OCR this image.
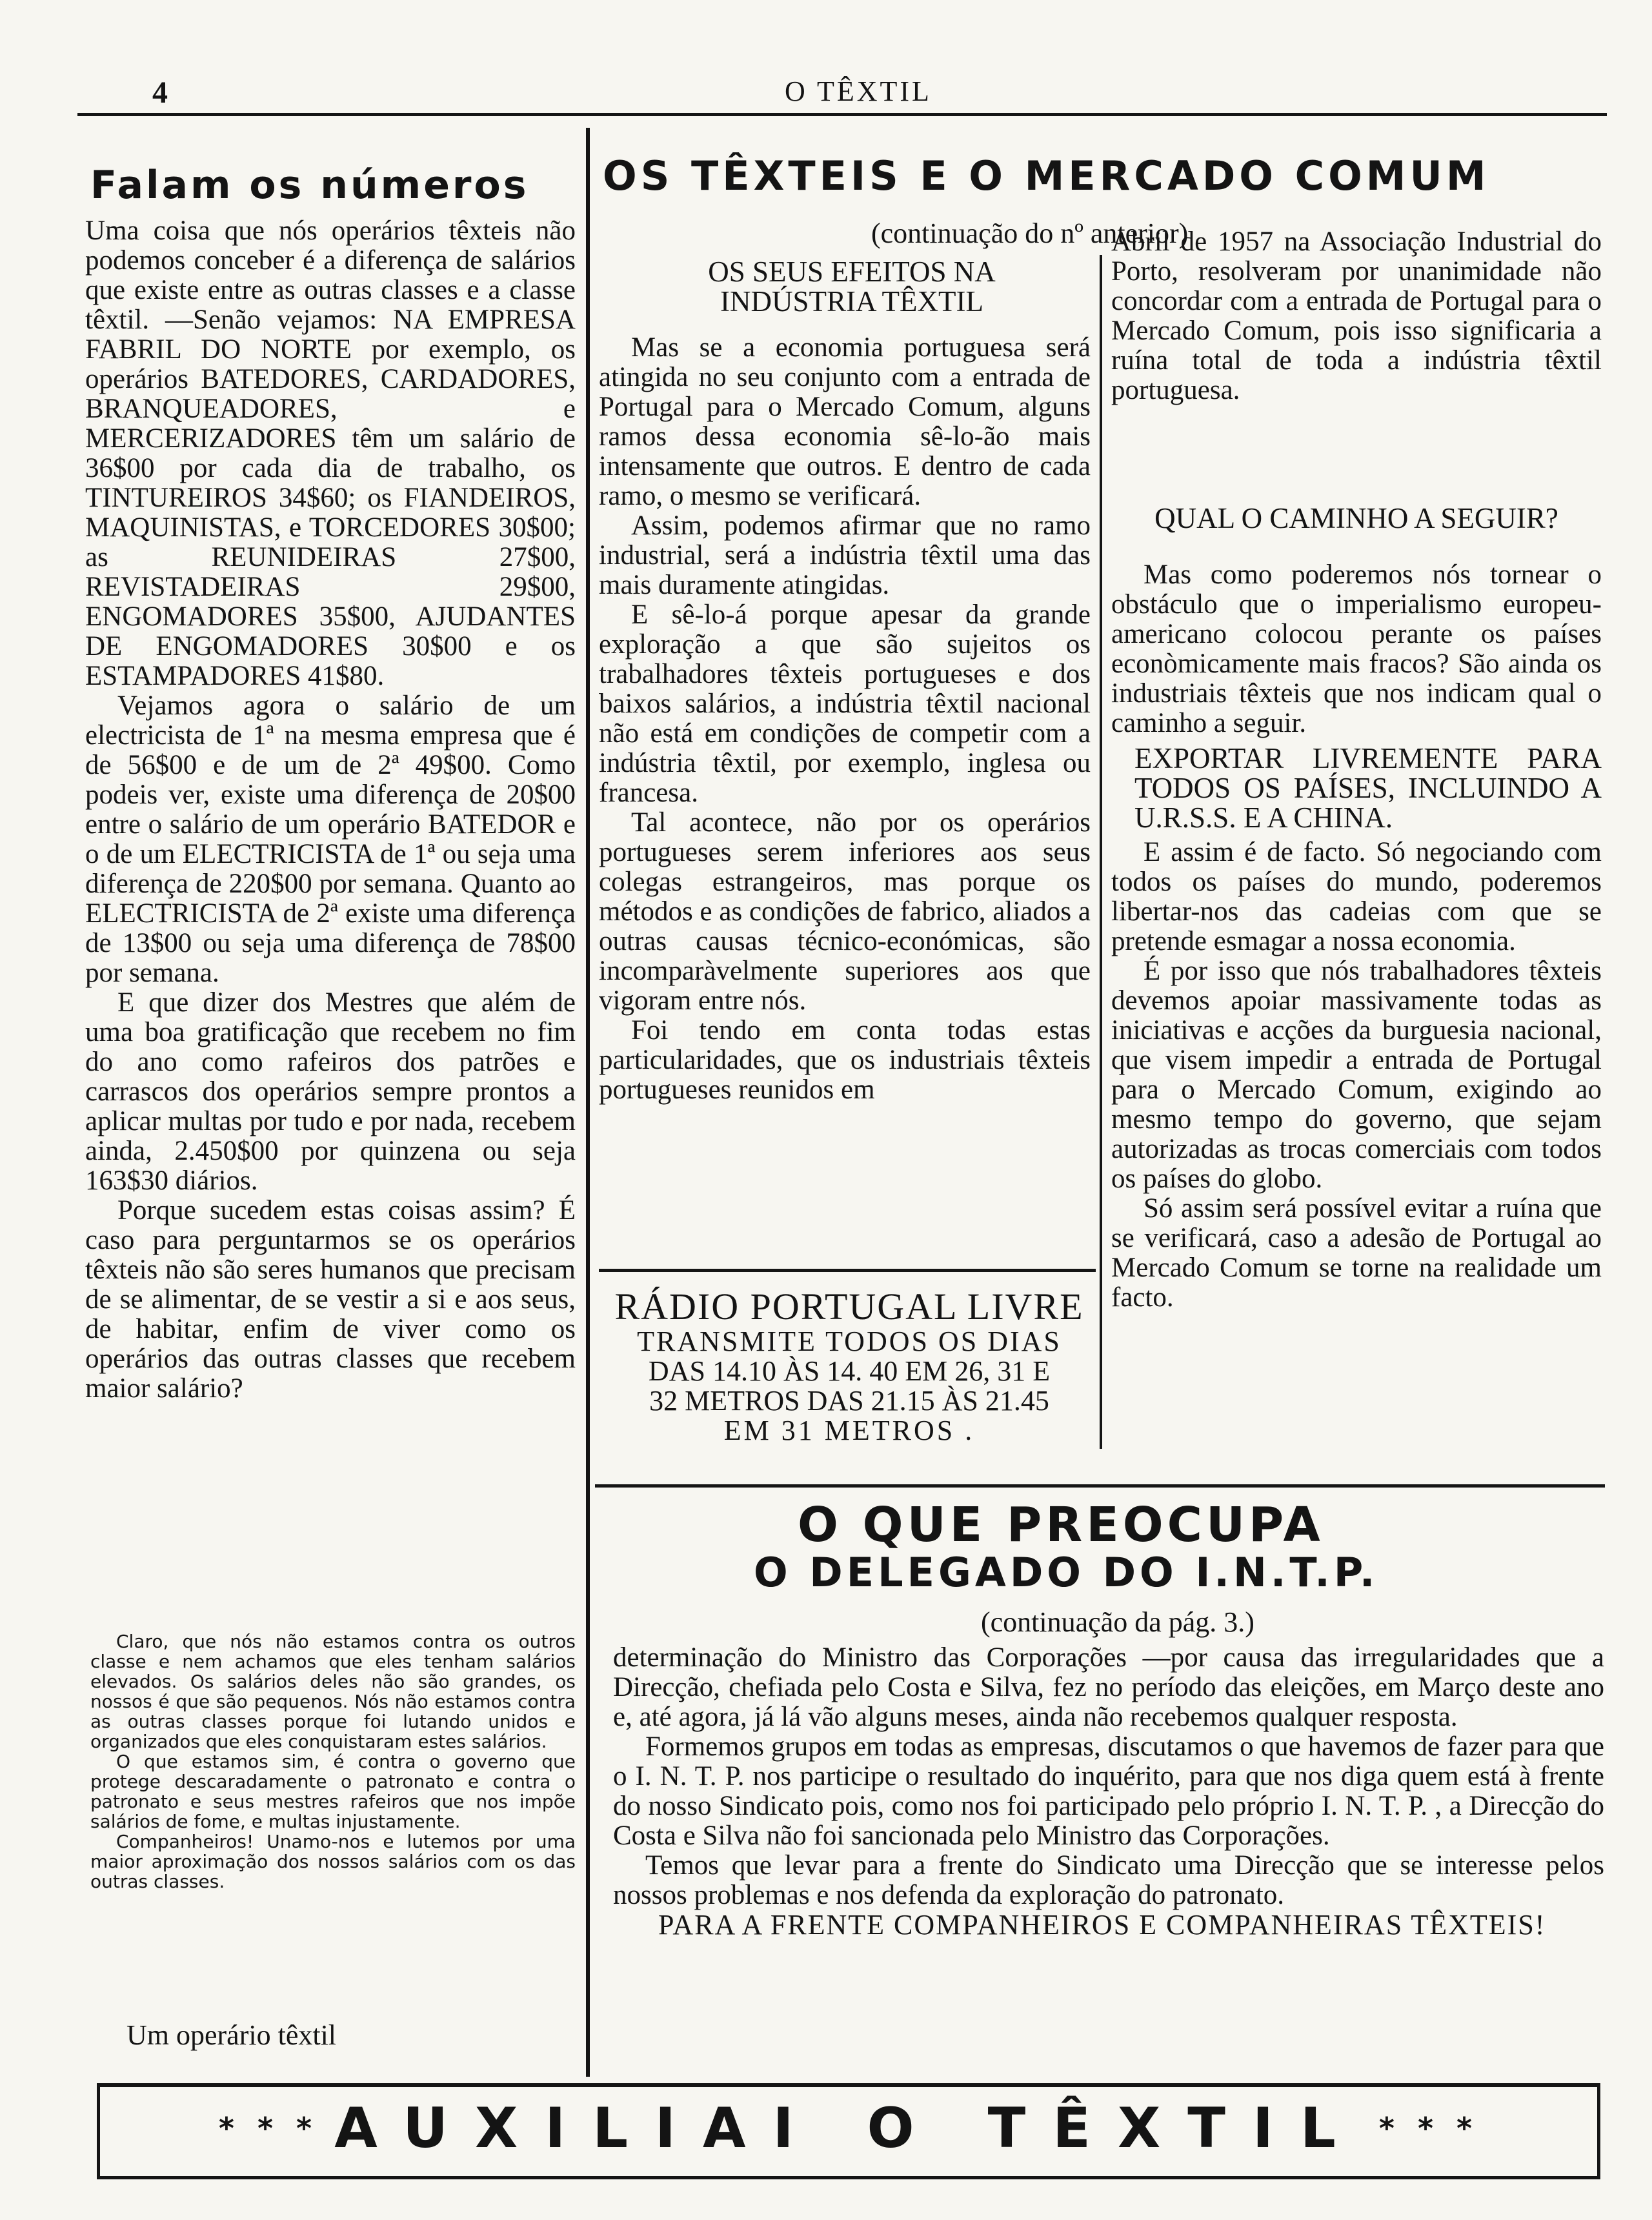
4	O TÊXTIL
Falam os números

Uma coisa que nós operários têxteis não podemos conceber é a diferença de salários que existe entre as outras classes e a classe têxtil. —Senão vejamos: NA EMPRESA FABRIL DO NORTE por exemplo, os operários BATEDORES, CARDADORES, BRANQUEADORES, e MERCERIZADORES têm um salário de 36$00 por cada dia de trabalho, os TINTUREIROS 34$60; os FIANDEIROS, MAQUINISTAS, e TORCEDORES 30$00; as REUNIDEIRAS 27$00, REVISTADEIRAS 29$00, ENGOMADORES 35$00, AJUDANTES DE ENGOMADORES 30$00 e os ESTAMPADORES 41$80.

Vejamos agora o salário de um electricista de 1ª na mesma empresa que é de 56$00 e de um de 2ª 49$00. Como podeis ver, existe uma diferença de 20$00 entre o salário de um operário BATEDOR e o de um ELECTRICISTA de 1ª ou seja uma diferença de 220$00 por semana. Quanto ao ELECTRICISTA de 2ª existe uma diferença de 13$00 ou seja uma diferença de 78$00 por semana.

E que dizer dos Mestres que além de uma boa gratificação que recebem no fim do ano como rafeiros dos patrões e carrascos dos operários sempre prontos a aplicar multas por tudo e por nada, recebem ainda, 2.450$00 por quinzena ou seja 163$30 diários.

Porque sucedem estas coisas assim? É caso para perguntarmos se os operários têxteis não são seres humanos que precisam de se alimentar, de se vestir a si e aos seus, de habitar, enfim de viver como os operários das outras classes que recebem maior salário?

Claro, que nós não estamos contra os outros classe e nem achamos que eles tenham salários elevados. Os salários deles não são grandes, os nossos é que são pequenos. Nós não estamos contra as outras classes porque foi lutando unidos e organizados que eles conquistaram estes salários.

O que estamos sim, é contra o governo que protege descaradamente o patronato e contra o patronato e seus mestres rafeiros que nos impõe salários de fome, e multas injustamente.

Companheiros! Unamo-nos e lutemos por uma maior aproximação dos nossos salários com os das outras classes.

Um operário têxtil
OS TÊXTEIS E O MERCADO COMUM
(continuação do nº anterior)
OS SEUS EFEITOS NA INDÚSTRIA TÊXTIL

Mas se a economia portuguesa será atingida no seu conjunto com a entrada de Portugal para o Mercado Comum, alguns ramos dessa economia sê-lo-ão mais intensamente que outros. E dentro de cada ramo, o mesmo se verificará.

Assim, podemos afirmar que no ramo industrial, será a indústria têxtil uma das mais duramente atingidas.

E sê-lo-á porque apesar da grande exploração a que são sujeitos os trabalhadores têxteis portugueses e dos baixos salários, a indústria têxtil nacional não está em condições de competir com a indústria têxtil, por exemplo, inglesa ou francesa.

Tal acontece, não por os operários portugueses serem inferiores aos seus colegas estrangeiros, mas porque os métodos e as condições de fabrico, aliados a outras causas técnico-económicas, são incomparàvelmente superiores aos que vigoram entre nós.

Foi tendo em conta todas estas particularidades, que os industriais têxteis portugueses reunidos em

Abril de 1957 na Associação Industrial do Porto, resolveram por unanimidade não concordar com a entrada de Portugal para o Mercado Comum, pois isso significaria a ruína total de toda a indústria têxtil portuguesa.

QUAL O CAMINHO A SEGUIR?

Mas como poderemos nós tornear o obstáculo que o imperialismo europeu-americano colocou perante os países econòmicamente mais fracos? São ainda os industriais têxteis que nos indicam qual o caminho a seguir.

EXPORTAR LIVREMENTE PARA TODOS OS PAÍSES, INCLUINDO A U.R.S.S. E A CHINA.

E assim é de facto. Só negociando com todos os países do mundo, poderemos libertar-nos das cadeias com que se pretende esmagar a nossa economia.

É por isso que nós trabalhadores têxteis devemos apoiar massivamente todas as iniciativas e acções da burguesia nacional, que visem impedir a entrada de Portugal para o Mercado Comum, exigindo ao mesmo tempo do governo, que sejam autorizadas as trocas comerciais com todos os países do globo.

Só assim será possível evitar a ruína que se verificará, caso a adesão de Portugal ao Mercado Comum se torne na realidade um facto.

RÁDIO PORTUGAL LIVRE
TRANSMITE TODOS OS DIAS
DAS 14.10 ÀS 14. 40 EM 26, 31 E
32 METROS DAS 21.15 ÀS 21.45
EM 31 METROS .
O QUE PREOCUPA
O DELEGADO DO I.N.T.P.
(continuação da pág. 3.)

determinação do Ministro das Corporações —por causa das irregularidades que a Direcção, chefiada pelo Costa e Silva, fez no período das eleições, em Março deste ano e, até agora, já lá vão alguns meses, ainda não recebemos qualquer resposta.

Formemos grupos em todas as empresas, discutamos o que havemos de fazer para que o I. N. T. P. nos participe o resultado do inquérito, para que nos diga quem está à frente do nosso Sindicato pois, como nos foi participado pelo próprio I. N. T. P. , a Direcção do Costa e Silva não foi sancionada pelo Ministro das Corporações.

Temos que levar para a frente do Sindicato uma Direcção que se interesse pelos nossos problemas e nos defenda da exploração do patronato.

PARA A FRENTE COMPANHEIROS E COMPANHEIRAS TÊXTEIS!

* * * AUXILIAI O TÊXTIL * * *
